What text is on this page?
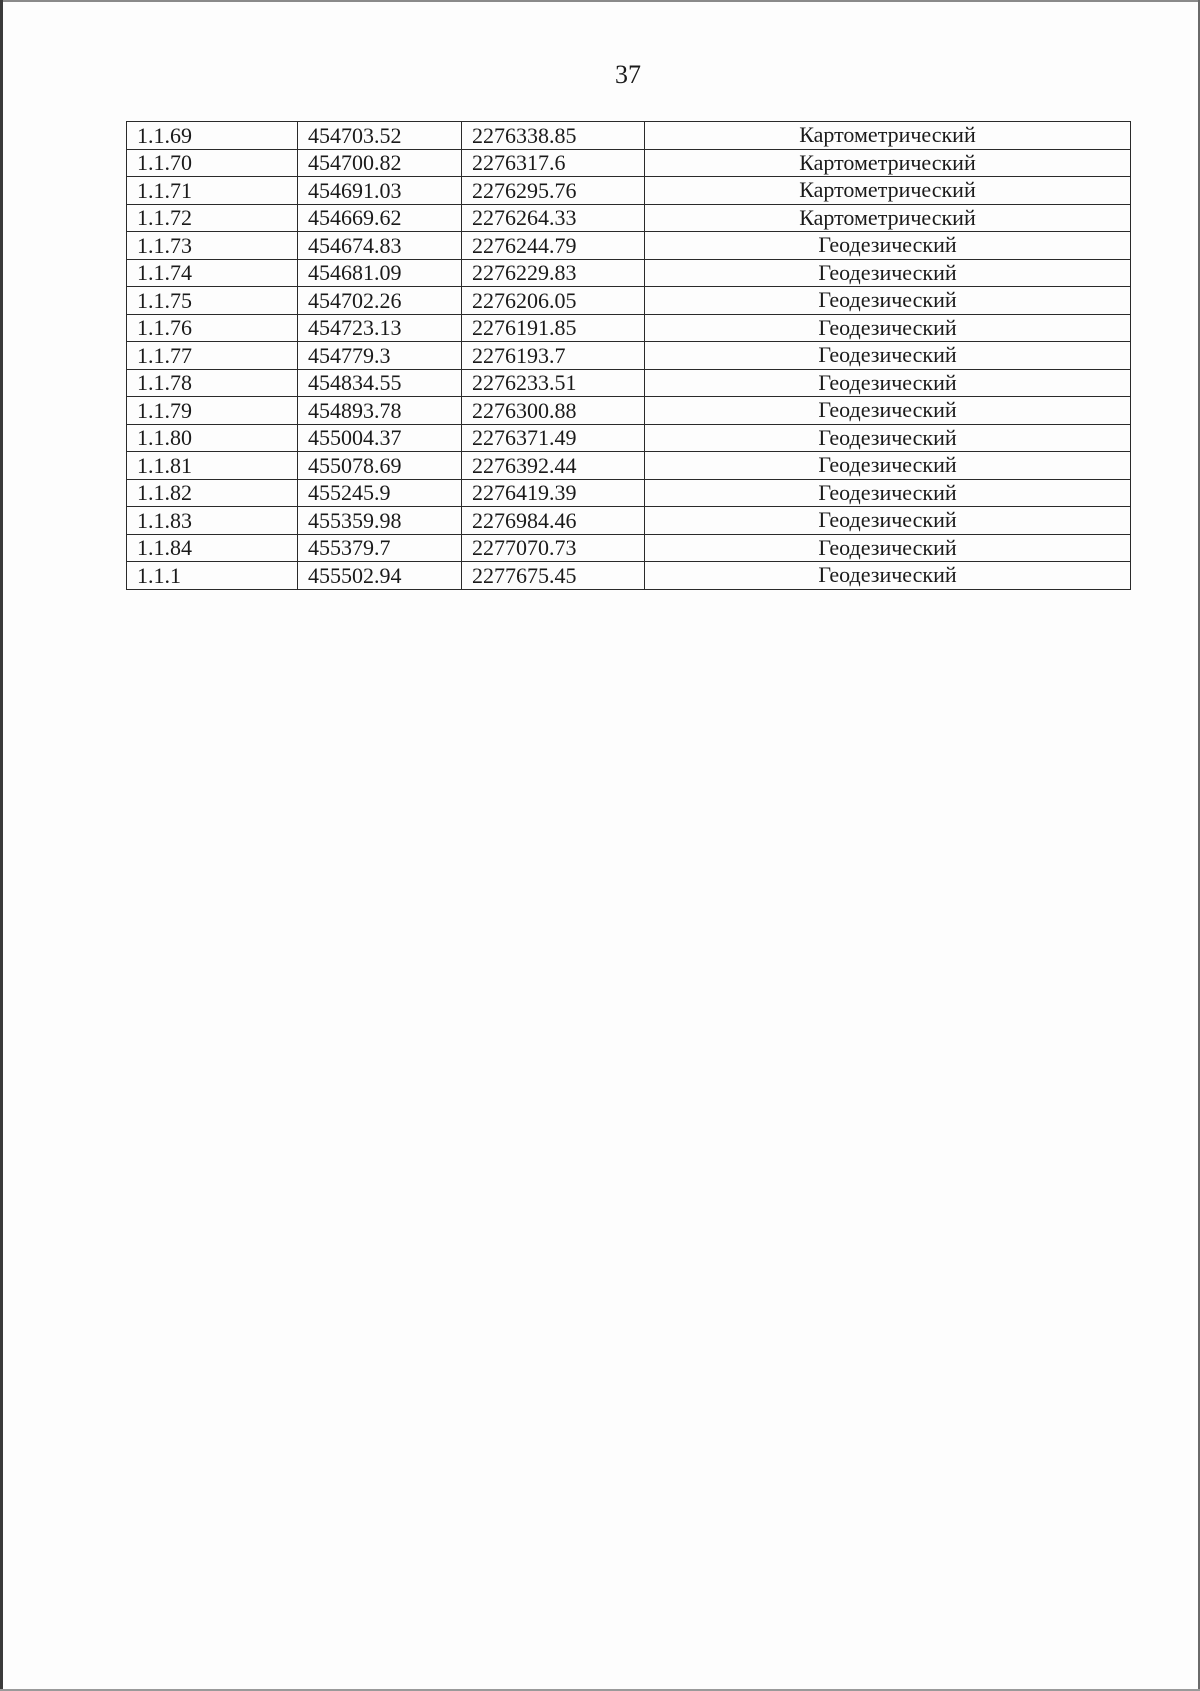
37
1.1.69	454703.52	2276338.85	Картометрический
1.1.70	454700.82	2276317.6	Картометрический
1.1.71	454691.03	2276295.76	Картометрический
1.1.72	454669.62	2276264.33	Картометрический
1.1.73	454674.83	2276244.79	Геодезический
1.1.74	454681.09	2276229.83	Геодезический
1.1.75	454702.26	2276206.05	Геодезический
1.1.76	454723.13	2276191.85	Геодезический
1.1.77	454779.3	2276193.7	Геодезический
1.1.78	454834.55	2276233.51	Геодезический
1.1.79	454893.78	2276300.88	Геодезический
1.1.80	455004.37	2276371.49	Геодезический
1.1.81	455078.69	2276392.44	Геодезический
1.1.82	455245.9	2276419.39	Геодезический
1.1.83	455359.98	2276984.46	Геодезический
1.1.84	455379.7	2277070.73	Геодезический
1.1.1	455502.94	2277675.45	Геодезический
